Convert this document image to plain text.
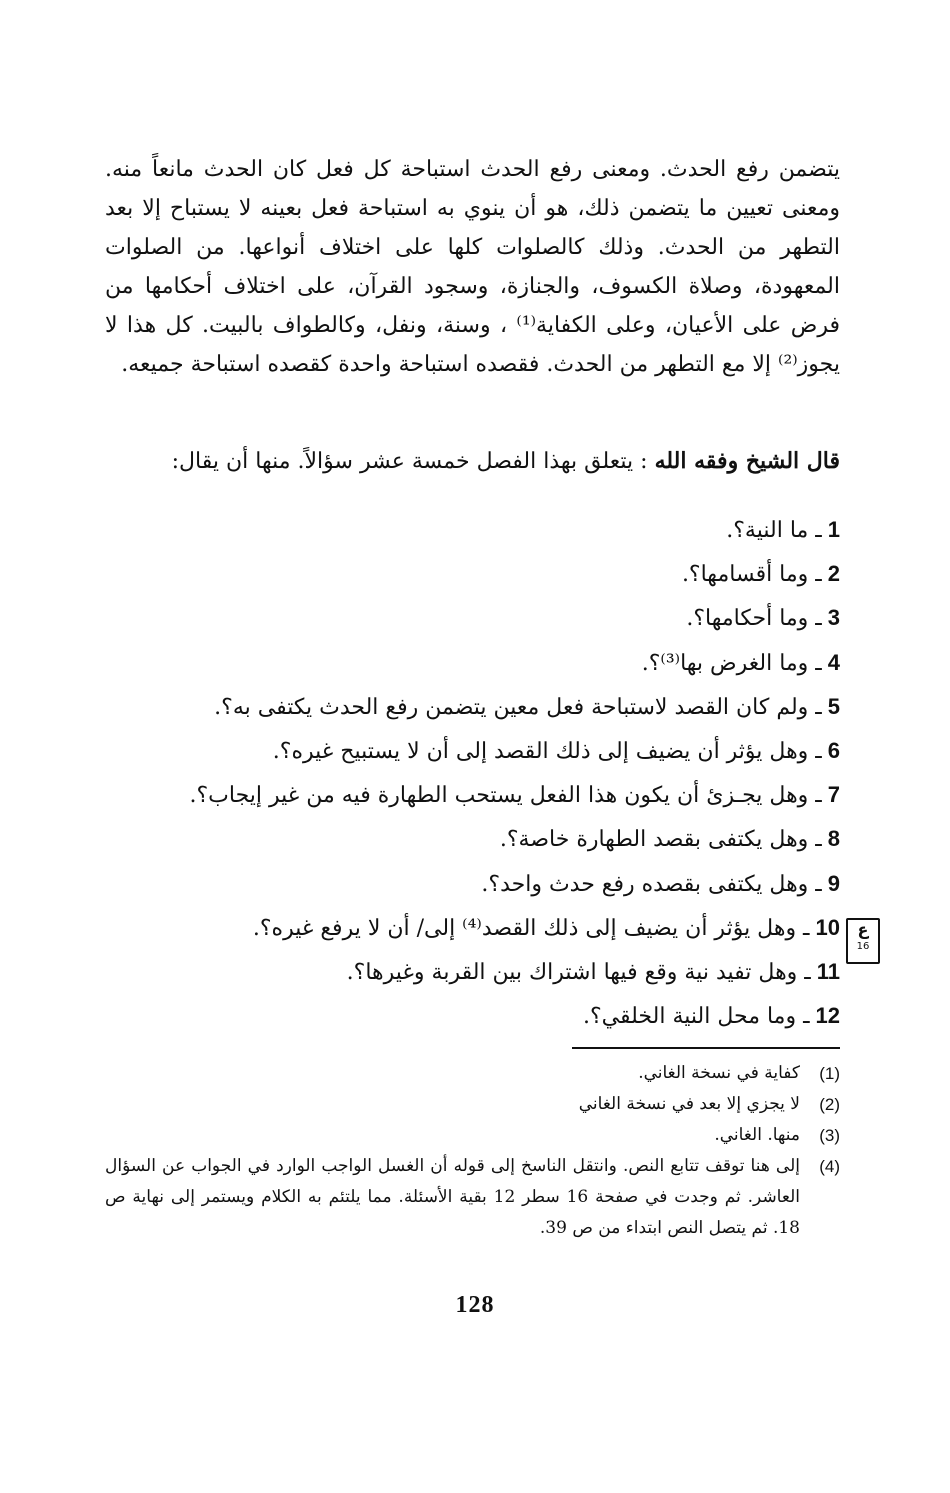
يتضمن رفع الحدث. ومعنى رفع الحدث استباحة كل فعل كان الحدث مانعاً منه. ومعنى تعيين ما يتضمن ذلك، هو أن ينوي به استباحة فعل بعينه لا يستباح إلا بعد التطهر من الحدث. وذلك كالصلوات كلها على اختلاف أنواعها. من الصلوات المعهودة، وصلاة الكسوف، والجنازة، وسجود القرآن، على اختلاف أحكامها من فرض على الأعيان، وعلى الكفاية⁽¹⁾ ، وسنة، ونفل، وكالطواف بالبيت. كل هذا لا يجوز⁽²⁾ إلا مع التطهر من الحدث. فقصده استباحة واحدة كقصده استباحة جميعه.

قال الشيخ وفقه الله : يتعلق بهذا الفصل خمسة عشر سؤالاً. منها أن يقال:
1ـ ما النية؟.
2ـ وما أقسامها؟.
3ـ وما أحكامها؟.
4ـ وما الغرض بها⁽³⁾؟.
5ـ ولم كان القصد لاستباحة فعل معين يتضمن رفع الحدث يكتفى به؟.
6ـ وهل يؤثر أن يضيف إلى ذلك القصد إلى أن لا يستبيح غيره؟.
7ـ وهل يجـزئ أن يكون هذا الفعل يستحب الطهارة فيه من غير إيجاب؟.
8ـ وهل يكتفى بقصد الطهارة خاصة؟.
9ـ وهل يكتفى بقصده رفع حدث واحد؟.
10ـ وهل يؤثر أن يضيف إلى ذلك القصد⁽⁴⁾ إلى/ أن لا يرفع غيره؟.
11ـ وهل تفيد نية وقع فيها اشتراك بين القربة وغيرها؟.
12ـ وما محل النية الخلقي؟.
ع
16
(1)
كفاية في نسخة الغاني.
(2)
لا يجزي إلا بعد في نسخة الغاني
(3)
منها. الغاني.
(4)
إلى هنا توقف تتابع النص. وانتقل الناسخ إلى قوله أن الغسل الواجب الوارد في الجواب عن السؤال العاشر. ثم وجدت في صفحة 16 سطر 12 بقية الأسئلة. مما يلتئم به الكلام ويستمر إلى نهاية ص 18. ثم يتصل النص ابتداء من ص 39.
128
